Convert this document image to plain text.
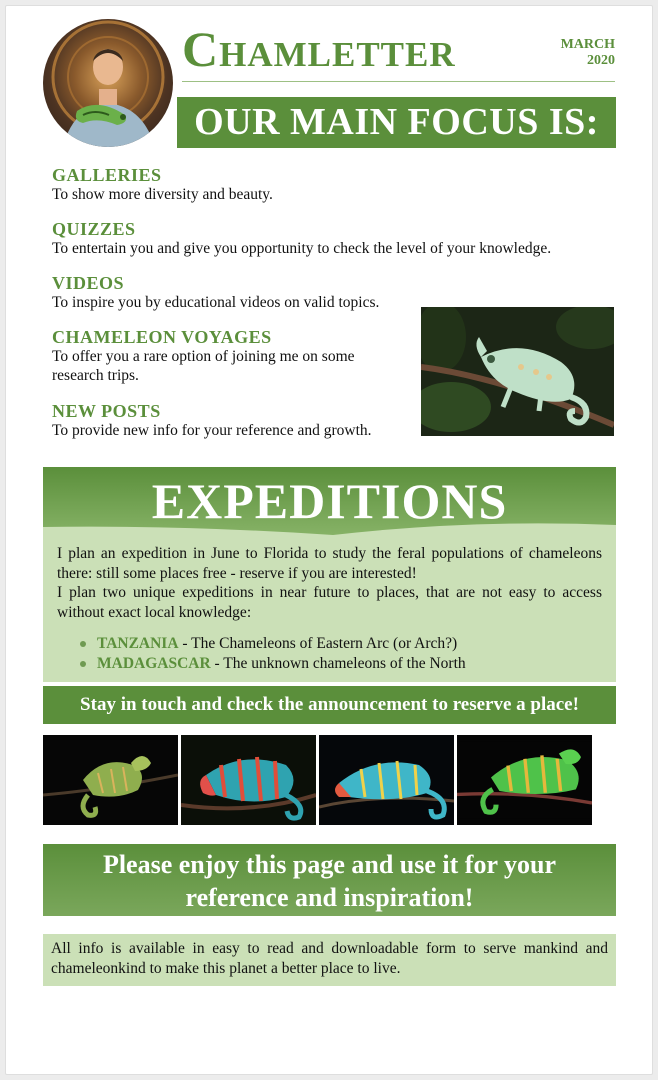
Chamletter	MARCH
2020
OUR MAIN FOCUS IS:
GALLERIES
To show more diversity and beauty.
QUIZZES
To entertain you and give you opportunity to check the level of your knowledge.
VIDEOS
To inspire you by educational videos on valid topics.
CHAMELEON VOYAGES
To offer you a rare option of joining me on some research trips.
NEW POSTS
To provide new info for your reference and growth.
EXPEDITIONS
I plan an expedition in June to Florida to study the feral populations of chameleons there: still some places free - reserve if you are interested!
I plan two unique expeditions in near future to places, that are not easy to access without exact local knowledge:
TANZANIA - The Chameleons of Eastern Arc (or Arch?)
MADAGASCAR - The unknown chameleons of the North
Stay in touch and check the announcement to reserve a place!
Please enjoy this page and use it for your
reference and inspiration!
All info is available in easy to read and downloadable form to serve mankind and chameleonkind to make this planet a better place to live.
